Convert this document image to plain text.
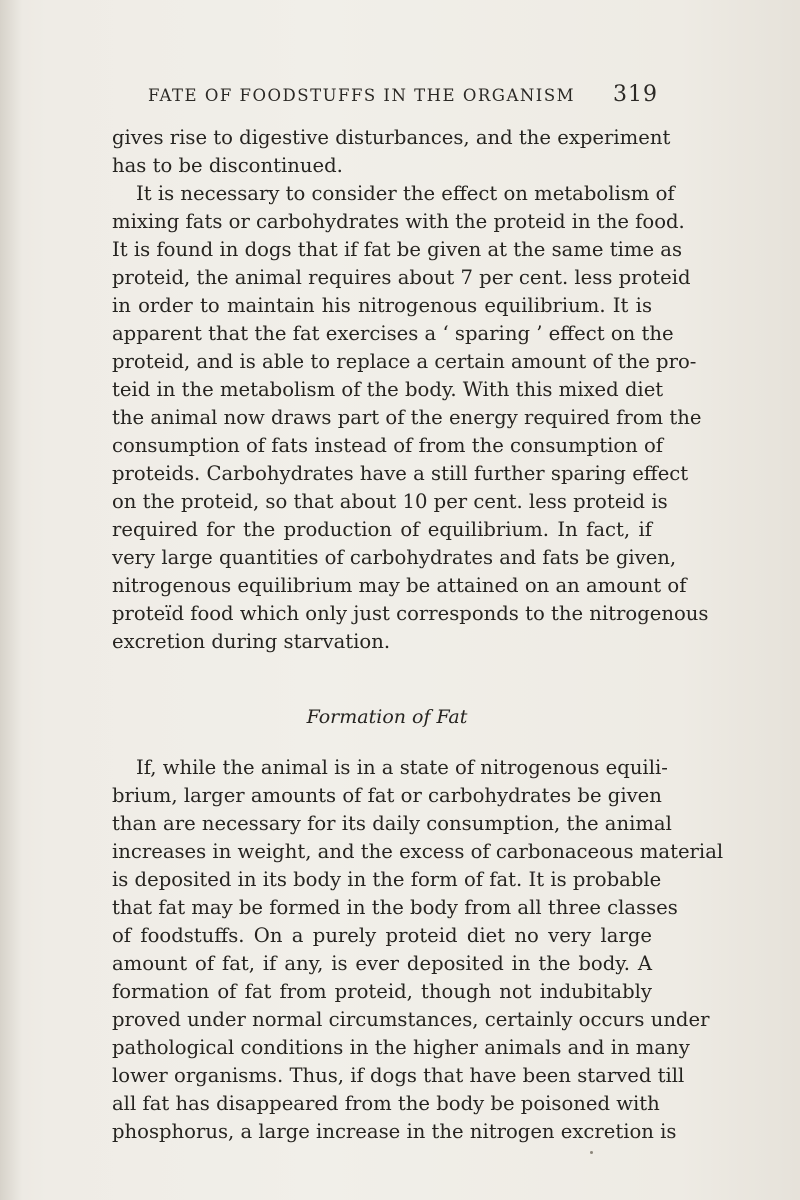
FATE OF FOODSTUFFS IN THE ORGANISM 319
gives rise to digestive disturbances, and the experiment
has to be discontinued.
It is necessary to consider the effect on metabolism of
mixing fats or carbohydrates with the proteid in the food.
It is found in dogs that if fat be given at the same time as
proteid, the animal requires about 7 per cent. less proteid
in order to maintain his nitrogenous equilibrium. It is
apparent that the fat exercises a ‘ sparing ’ effect on the
proteid, and is able to replace a certain amount of the pro-
teid in the metabolism of the body. With this mixed diet
the animal now draws part of the energy required from the
consumption of fats instead of from the consumption of
proteids. Carbohydrates have a still further sparing effect
on the proteid, so that about 10 per cent. less proteid is
required for the production of equilibrium. In fact, if
very large quantities of carbohydrates and fats be given,
nitrogenous equilibrium may be attained on an amount of
proteïd food which only just corresponds to the nitrogenous
excretion during starvation.
Formation of Fat
If, while the animal is in a state of nitrogenous equili-
brium, larger amounts of fat or carbohydrates be given
than are necessary for its daily consumption, the animal
increases in weight, and the excess of carbonaceous material
is deposited in its body in the form of fat. It is probable
that fat may be formed in the body from all three classes
of foodstuffs. On a purely proteid diet no very large
amount of fat, if any, is ever deposited in the body. A
formation of fat from proteid, though not indubitably
proved under normal circumstances, certainly occurs under
pathological conditions in the higher animals and in many
lower organisms. Thus, if dogs that have been starved till
all fat has disappeared from the body be poisoned with
phosphorus, a large increase in the nitrogen excretion is
